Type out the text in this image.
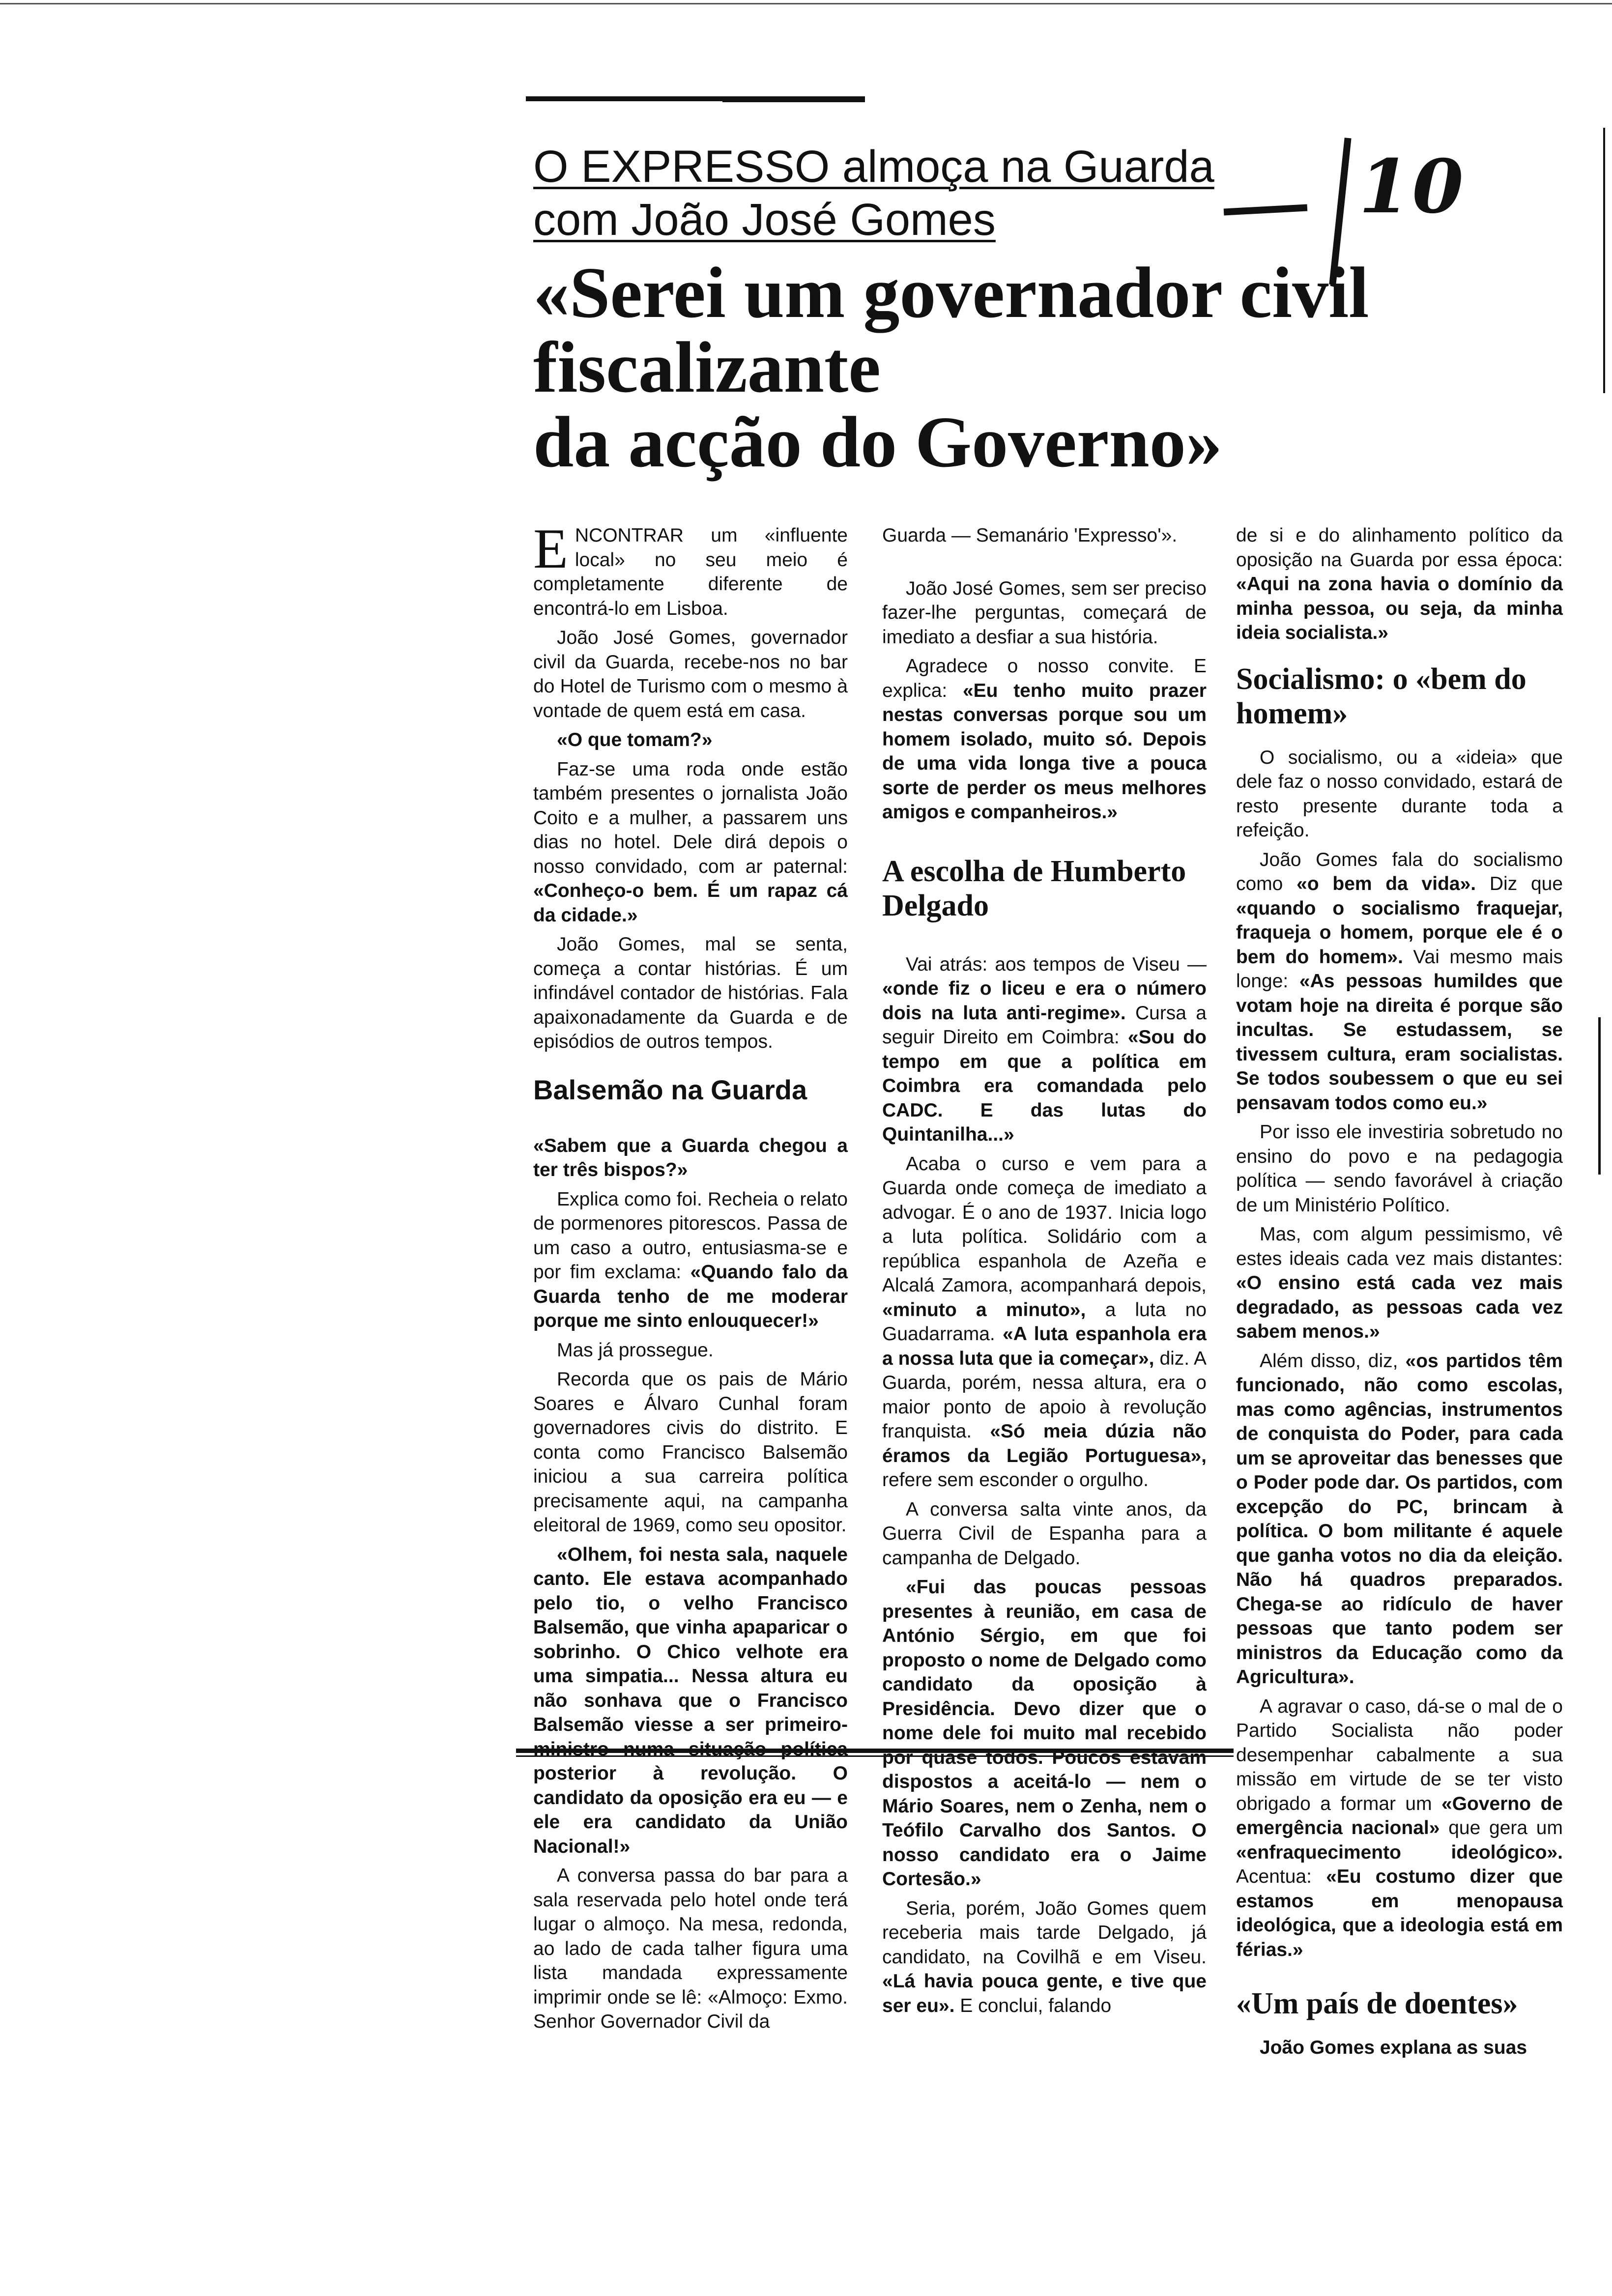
10
O EXPRESSO almoça na Guarda
com João José Gomes
«Serei um governador civil
fiscalizante
da acção do Governo»

ENCONTRAR um «influente local» no seu meio é completamente diferente de encontrá-lo em Lisboa.

João José Gomes, governador civil da Guarda, recebe-nos no bar do Hotel de Turismo com o mesmo à vontade de quem está em casa.

«O que tomam?»

Faz-se uma roda onde estão também presentes o jornalista João Coito e a mulher, a passarem uns dias no hotel. Dele dirá depois o nosso convidado, com ar paternal: «Conheço-o bem. É um rapaz cá da cidade.»

João Gomes, mal se senta, começa a contar histórias. É um infindável contador de histórias. Fala apaixonadamente da Guarda e de episódios de outros tempos.

Balsemão na Guarda

«Sabem que a Guarda chegou a ter três bispos?»

Explica como foi. Recheia o relato de pormenores pitorescos. Passa de um caso a outro, entusiasma-se e por fim exclama: «Quando falo da Guarda tenho de me moderar porque me sinto enlouquecer!»

Mas já prossegue.

Recorda que os pais de Mário Soares e Álvaro Cunhal foram governadores civis do distrito. E conta como Francisco Balsemão iniciou a sua carreira política precisamente aqui, na campanha eleitoral de 1969, como seu opositor.

«Olhem, foi nesta sala, naquele canto. Ele estava acompanhado pelo tio, o velho Francisco Balsemão, que vinha apaparicar o sobrinho. O Chico velhote era uma simpatia... Nessa altura eu não sonhava que o Francisco Balsemão viesse a ser primeiro-ministro numa situação política posterior à revolução. O candidato da oposição era eu — e ele era candidato da União Nacional!»

A conversa passa do bar para a sala reservada pelo hotel onde terá lugar o almoço. Na mesa, redonda, ao lado de cada talher figura uma lista mandada expressamente imprimir onde se lê: «Almoço: Exmo. Senhor Governador Civil da

Guarda — Semanário 'Expresso'».

João José Gomes, sem ser preciso fazer-lhe perguntas, começará de imediato a desfiar a sua história.

Agradece o nosso convite. E explica: «Eu tenho muito prazer nestas conversas porque sou um homem isolado, muito só. Depois de uma vida longa tive a pouca sorte de perder os meus melhores amigos e companheiros.»

A escolha de Humberto Delgado

Vai atrás: aos tempos de Viseu — «onde fiz o liceu e era o número dois na luta anti-regime». Cursa a seguir Direito em Coimbra: «Sou do tempo em que a política em Coimbra era comandada pelo CADC. E das lutas do Quintanilha...»

Acaba o curso e vem para a Guarda onde começa de imediato a advogar. É o ano de 1937. Inicia logo a luta política. Solidário com a república espanhola de Azeña e Alcalá Zamora, acompanhará depois, «minuto a minuto», a luta no Guadarrama. «A luta espanhola era a nossa luta que ia começar», diz. A Guarda, porém, nessa altura, era o maior ponto de apoio à revolução franquista. «Só meia dúzia não éramos da Legião Portuguesa», refere sem esconder o orgulho.

A conversa salta vinte anos, da Guerra Civil de Espanha para a campanha de Delgado.

«Fui das poucas pessoas presentes à reunião, em casa de António Sérgio, em que foi proposto o nome de Delgado como candidato da oposição à Presidência. Devo dizer que o nome dele foi muito mal recebido por quase todos. Poucos estavam dispostos a aceitá-lo — nem o Mário Soares, nem o Zenha, nem o Teófilo Carvalho dos Santos. O nosso candidato era o Jaime Cortesão.»

Seria, porém, João Gomes quem receberia mais tarde Delgado, já candidato, na Covilhã e em Viseu. «Lá havia pouca gente, e tive que ser eu». E conclui, falando

de si e do alinhamento político da oposição na Guarda por essa época: «Aqui na zona havia o domínio da minha pessoa, ou seja, da minha ideia socialista.»

Socialismo: o «bem do homem»

O socialismo, ou a «ideia» que dele faz o nosso convidado, estará de resto presente durante toda a refeição.

João Gomes fala do socialismo como «o bem da vida». Diz que «quando o socialismo fraquejar, fraqueja o homem, porque ele é o bem do homem». Vai mesmo mais longe: «As pessoas humildes que votam hoje na direita é porque são incultas. Se estudassem, se tivessem cultura, eram socialistas. Se todos soubessem o que eu sei pensavam todos como eu.»

Por isso ele investiria sobretudo no ensino do povo e na pedagogia política — sendo favorável à criação de um Ministério Político.

Mas, com algum pessimismo, vê estes ideais cada vez mais distantes: «O ensino está cada vez mais degradado, as pessoas cada vez sabem menos.»

Além disso, diz, «os partidos têm funcionado, não como escolas, mas como agências, instrumentos de conquista do Poder, para cada um se aproveitar das benesses que o Poder pode dar. Os partidos, com excepção do PC, brincam à política. O bom militante é aquele que ganha votos no dia da eleição. Não há quadros preparados. Chega-se ao ridículo de haver pessoas que tanto podem ser ministros da Educação como da Agricultura».

A agravar o caso, dá-se o mal de o Partido Socialista não poder desempenhar cabalmente a sua missão em virtude de se ter visto obrigado a formar um «Governo de emergência nacional» que gera um «enfraquecimento ideológico». Acentua: «Eu costumo dizer que estamos em menopausa ideológica, que a ideologia está em férias.»

«Um país de doentes»

João Gomes explana as suas
